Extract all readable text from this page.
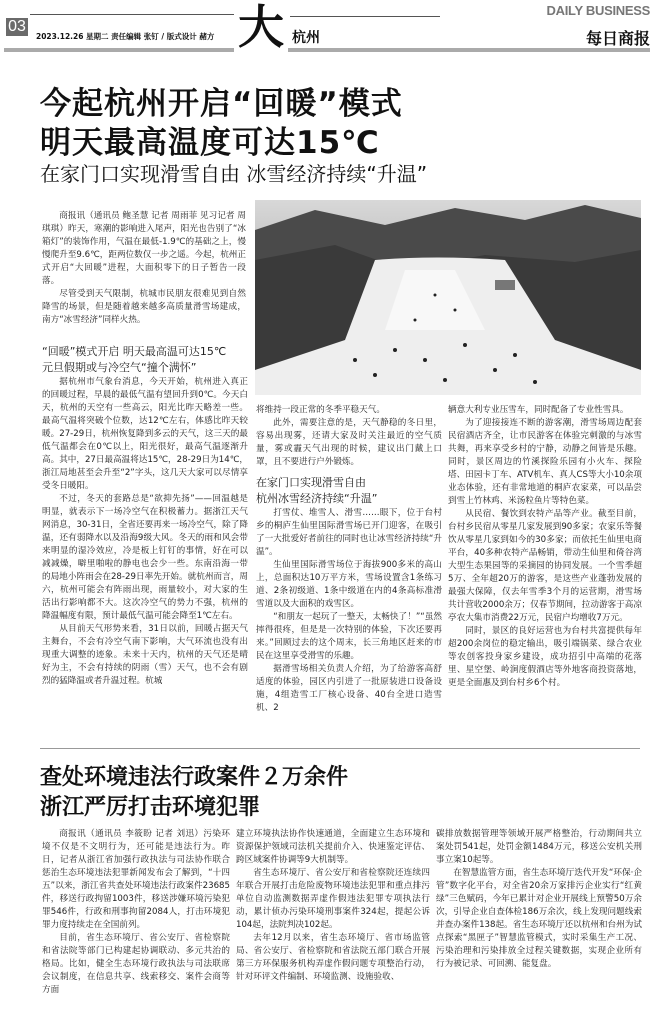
03
2023.12.26 星期二 责任编辑 张钉 / 版式设计 赭方 大 杭州
DAILY BUSINESS
每日商报
今起杭州开启“回暖”模式
明天最高温度可达15℃
在家门口实现滑雪自由 冰雪经济持续“升温”

商报讯（通讯员 鲍圣慧 记者 周雨菲 见习记者 周琪琪）昨天，寒潮的影响进入尾声，阳光也告别了“冰箱灯”的装饰作用，气温在最低-1.9℃的基础之上，慢慢爬升至9.6℃，距两位数仅一步之遥。今起，杭州正式开启“大回暖”进程，大面积零下的日子暂告一段落。

尽管受到天气限制，杭城市民朋友很难见到自然降雪的场景，但是随着越来越多高质量滑雪场建成，南方“冰雪经济”同样火热。

“回暖”模式开启 明天最高温可达15℃
元旦假期或与冷空气“撞个满怀”

据杭州市气象台消息，今天开始，杭州进入真正的回暖过程，早晨的最低气温有望回升到0℃。今天白天，杭州的天空有一些高云，阳光比昨天略差一些。最高气温将突破个位数，达12℃左右，体感比昨天较暖。27-29日，杭州恢复降到多云的天气，这三天的最低气温都会在0℃以上，阳光很好，最高气温逐渐升高。其中，27日最高温将达15℃，28-29日为14℃，浙江局地甚至会升至“2”字头，这几天大家可以尽情享受冬日暖阳。

不过，冬天的套路总是“欲抑先扬”——回温越是明显，就表示下一场冷空气在积极蓄力。据浙江天气网消息，30-31日，全省还要再来一场冷空气，除了降温，还有弱降水以及沿海9级大风。冬天的雨和风会带来明显的湿冷效应，冷是板上钉钉的事情，好在可以减减燥，噼里啪啦的静电也会少一些。东南沿海一带的局地小阵雨会在28-29日率先开始。就杭州而言，周六，杭州可能会有阵雨出现，雨量较小，对大家的生活出行影响都不大。这次冷空气的势力不强，杭州的降温幅度有限，预计最低气温可能会降至1℃左右。

从目前天气形势来看，31日以前，回暖占据天气主舞台，不会有冷空气南下影响，大气环流也没有出现重大调整的迹象。未来十天内，杭州的天气还是晴好为主，不会有持续的阴雨（雪）天气，也不会有剧烈的猛降温或者升温过程。杭城

将维持一段正常的冬季平稳天气。

此外，需要注意的是，天气静稳的冬日里，容易出现雾，还请大家及时关注最近的空气质量，雾或霾天气出现的时候，建议出门戴上口罩，且不要进行户外锻炼。

在家门口实现滑雪自由
杭州冰雪经济持续“升温”

打雪仗、堆雪人、滑雪……眼下，位于台村乡的桐庐生仙里国际滑雪场已开门迎客，在吸引了一大批爱好者前往的同时也让冰雪经济持续“升温”。

生仙里国际滑雪场位于海拔900多米的高山上，总面积达10万平方米，雪场设置含1条练习道、2条初级道、1条中级道在内的4条高标准滑雪道以及大面积的戏雪区。

“和朋友一起玩了一整天，太畅快了！”“虽然摔得很疼，但是是一次特别的体验，下次还要再来。”回顾过去的这个周末，长三角地区赶来的市民在这里享受滑雪的乐趣。

据滑雪场相关负责人介绍，为了给游客高舒适度的体验，园区内引进了一批原装进口设备设施，4组造雪工厂核心设备、40台全进口造雪机、2

辆意大利专业压雪车，同时配备了专业性雪具。

为了迎接接连不断的游客潮，滑雪场周边配套民宿酒店齐全，让市民游客在体验完刺激的与冰雪共舞，再来享受乡村的宁静，动静之间皆是乐趣。同时，景区周边的竹溪探险乐园有小火车、探险塔、田园卡丁车、ATV机车、真人CS等大小10余项业态体验，还有非常地道的桐庐农家菜，可以品尝到雪上竹林鸡、米汤粒鱼片等特色菜。

从民宿、餐饮到农特产品等产业。截至目前，台村乡民宿从零星几家发展到90多家；农家乐等餐饮从零星几家到如今的30多家；而依托生仙里电商平台，40多种农特产品畅销，带动生仙里和倚谷湾大型生态果园等的采摘园的协同发展。一个雪季超5万、全年超20万的游客，是这些产业蓬勃发展的最强大保障，仅去年雪季3个月的运营期，滑雪场共计营收2000余万；仅春节期间，拉动游客于高凉亭农大集市消费22万元，民宿户均增收7万元。

同时，景区的良好运营也为台村共富提供每年超200余岗位的稳定输出，吸引端锅菜、绿合农业等农创客投身家乡建设，成功招引中高端的花落里、星空堡、岭涧度假酒店等外地客商投资落地，更是全面惠及到台村乡6个村。

查处环境违法行政案件２万余件
浙江严厉打击环境犯罪

商报讯（通讯员 李筱盼 记者 刘迅）污染环境不仅是不文明行为，还可能是违法行为。昨日，记者从浙江省加强行政执法与司法协作联合惩治生态环境违法犯罪新闻发布会了解到，“十四五”以来，浙江省共查处环境违法行政案件23685件，移送行政拘留1003件，移送涉嫌环境污染犯罪546件，行政和刑事拘留2084人，打击环境犯罪力度持续走在全国前列。

目前，省生态环境厅、省公安厅、省检察院和省法院等部门已构建起协调联动、多元共治的格局。比如，健全生态环境行政执法与司法联席会议制度，在信息共享、线索移交、案件会商等方面

建立环境执法协作快速通道，全面建立生态环境和资源保护领域司法机关提前介入、快速鉴定评估、跨区域案件协调等9大机制等。

省生态环境厅、省公安厅和省检察院还连续四年联合开展打击危险废物环境违法犯罪和重点排污单位自动监测数据弄虚作假违法犯罪专项执法行动，累计侦办污染环境刑事案件324起，提起公诉104起，法院判决102起。

去年12月以来，省生态环境厅、省市场监管局、省公安厅、省检察院和省法院五部门联合开展第三方环保服务机构弄虚作假问题专项整治行动，针对环评文件编制、环境监测、设施验收、

碳排放数据管理等领域开展严格整治，行动期间共立案处罚541起，处罚金额1484万元，移送公安机关刑事立案10起等。

在智慧监管方面，省生态环境厅迭代开发“环保·企管”数字化平台，对全省20余万家排污企业实行“红黄绿”三色赋码，今年已累计对企业开展线上预警50万余次，引导企业自查体检186万余次，线上发现问题线索并查办案件138起。省生态环境厅还以杭州和台州为试点探索“黑匣子”智慧监管模式，实时采集生产工况、污染治理和污染排放全过程关键数据，实现企业所有行为被记录、可回溯、能复盘。
